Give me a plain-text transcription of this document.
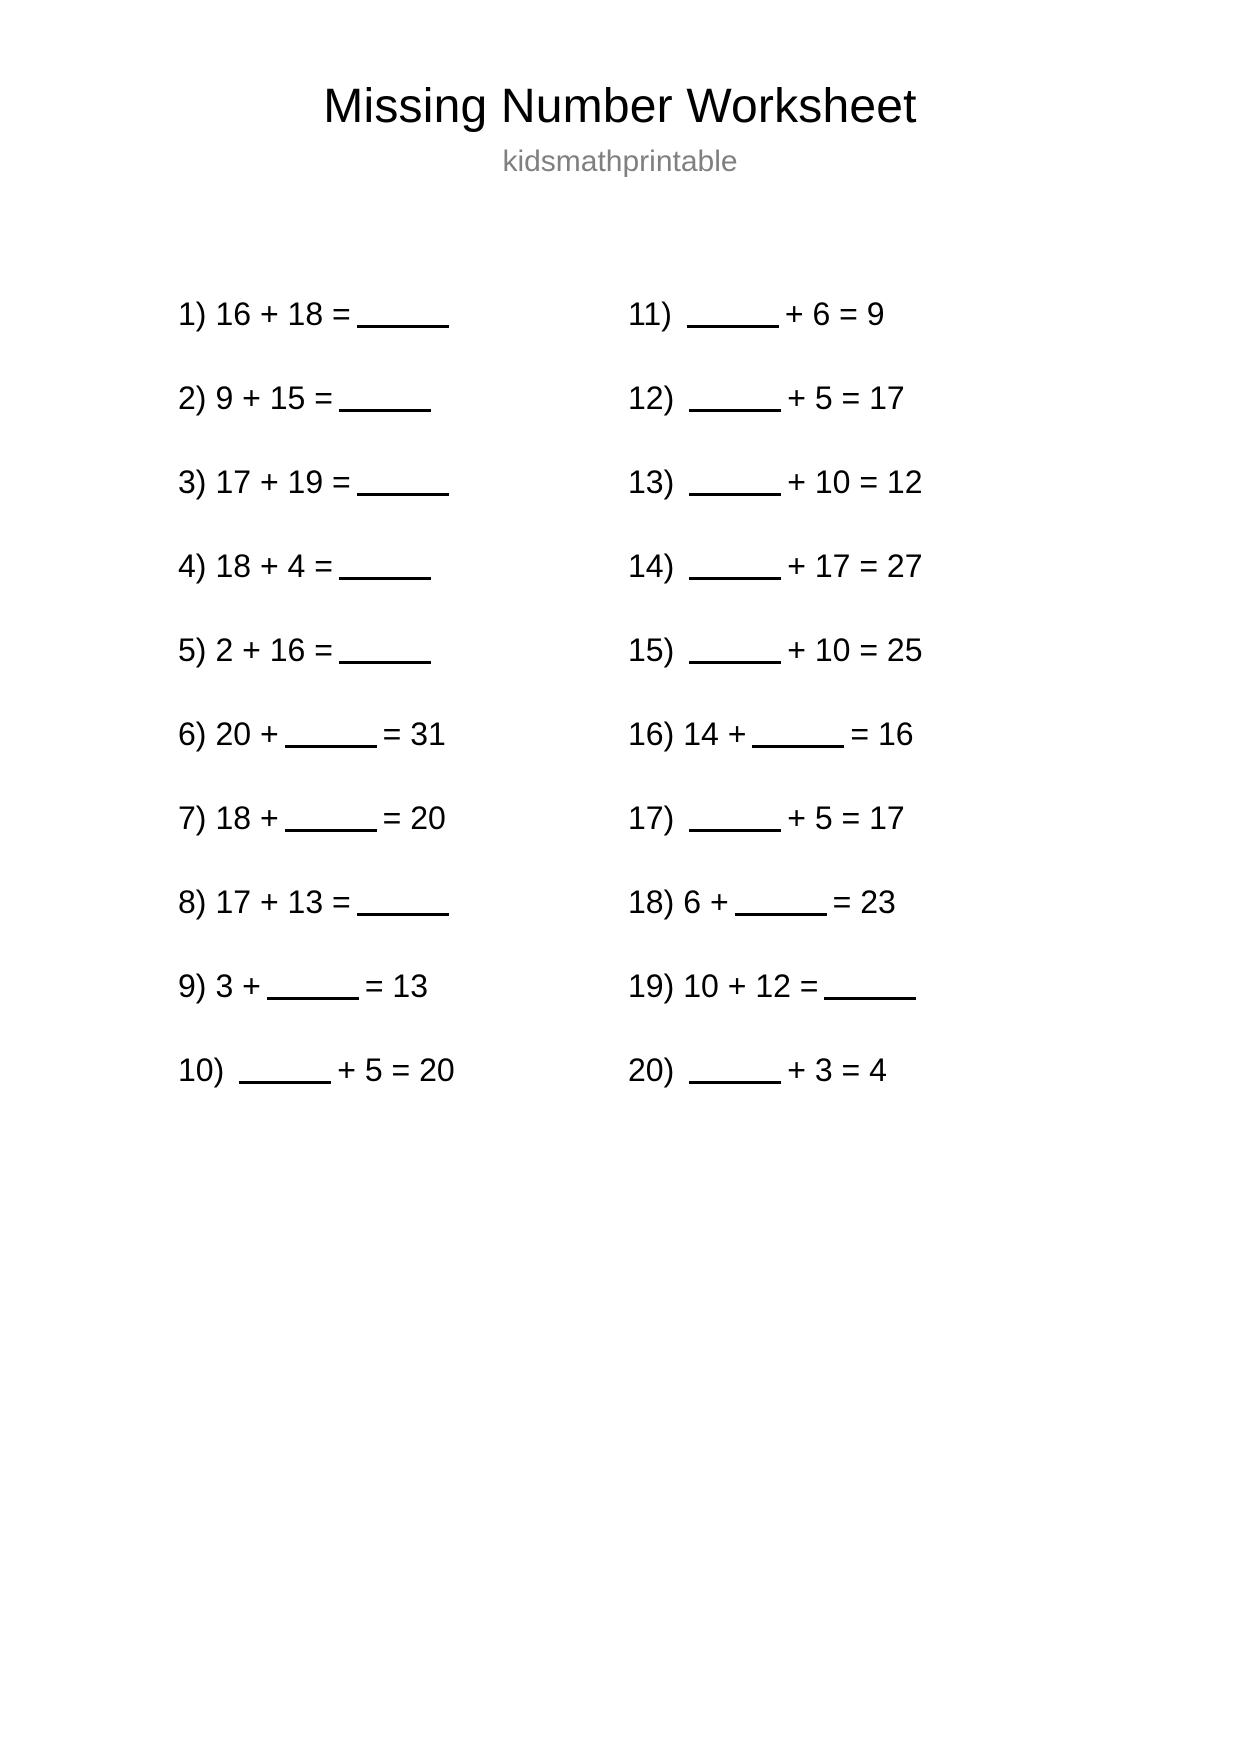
Missing Number Worksheet
kidsmathprintable
1) 16 + 18 =
2) 9 + 15 =
3) 17 + 19 =
4) 18 + 4 =
5) 2 + 16 =
6) 20 +	= 31
7) 18 +	= 20
8) 17 + 13 =
9) 3 +	= 13
10)	+ 5 = 20
11)	+ 6 = 9
12)	+ 5 = 17
13)	+ 10 = 12
14)	+ 17 = 27
15)	+ 10 = 25
16) 14 +	= 16
17)	+ 5 = 17
18) 6 +	= 23
19) 10 + 12 =
20)	+ 3 = 4
